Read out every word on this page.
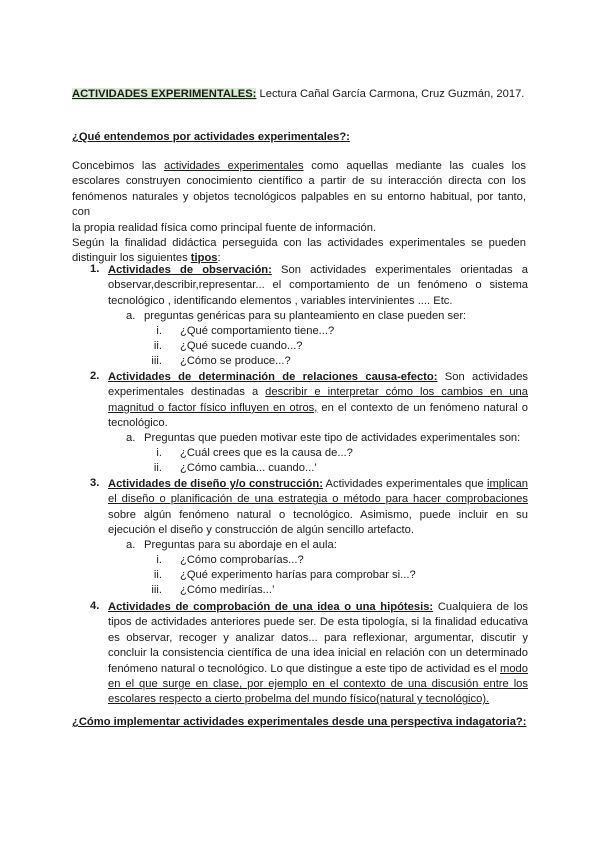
ACTIVIDADES EXPERIMENTALES: Lectura Cañal García Carmona, Cruz Guzmán, 2017.
¿Qué entendemos por actividades experimentales?:
Concebimos las actividades experimentales como aquellas mediante las cuales los
escolares construyen conocimiento científico a partir de su interacción directa con los
fenómenos naturales y objetos tecnológicos palpables en su entorno habitual, por tanto, con
la propia realidad física como principal fuente de información.
Según la finalidad didáctica perseguida con las actividades experimentales se pueden
distinguir los siguientes tipos:
1. Actividades de observación: Son actividades experimentales orientadas a
observar,describir,representar... el comportamiento de un fenómeno o sistema
tecnológico , identificando elementos , variables intervinientes .... Etc.
a. preguntas genéricas para su planteamiento en clase pueden ser:
i. ¿Qué comportamiento tiene...?
ii. ¿Qué sucede cuando...?
iii. ¿Cómo se produce...?
2. Actividades de determinación de relaciones causa-efecto: Son actividades
experimentales destinadas a describir e interpretar cómo los cambios en una
magnitud o factor físico influyen en otros, en el contexto de un fenómeno natural o
tecnológico.
a. Preguntas que pueden motivar este tipo de actividades experimentales son:
i. ¿Cuál crees que es la causa de...?
ii. ¿Cómo cambia... cuando...’
3. Actividades de diseño y/o construcción: Actividades experimentales que implican
el diseño o planificación de una estrategia o método para hacer comprobaciones
sobre algún fenómeno natural o tecnológico. Asimismo, puede incluir en su
ejecución el diseño y construcción de algún sencillo artefacto.
a. Preguntas para su abordaje en el aula:
i. ¿Cómo comprobarías...?
ii. ¿Qué experimento harías para comprobar si...?
iii. ¿Cómo medirías...’
4. Actividades de comprobación de una idea o una hipótesis: Cualquiera de los
tipos de actividades anteriores puede ser. De esta tipología, si la finalidad educativa
es observar, recoger y analizar datos... para reflexionar, argumentar, discutir y
concluir la consistencia científica de una idea inicial en relación con un determinado
fenómeno natural o tecnológico. Lo que distingue a este tipo de actividad es el modo
en el que surge en clase, por ejemplo en el contexto de una discusión entre los
escolares respecto a cierto probelma del mundo físico(natural y tecnológico).
¿Cómo implementar actividades experimentales desde una perspectiva indagatoria?:
